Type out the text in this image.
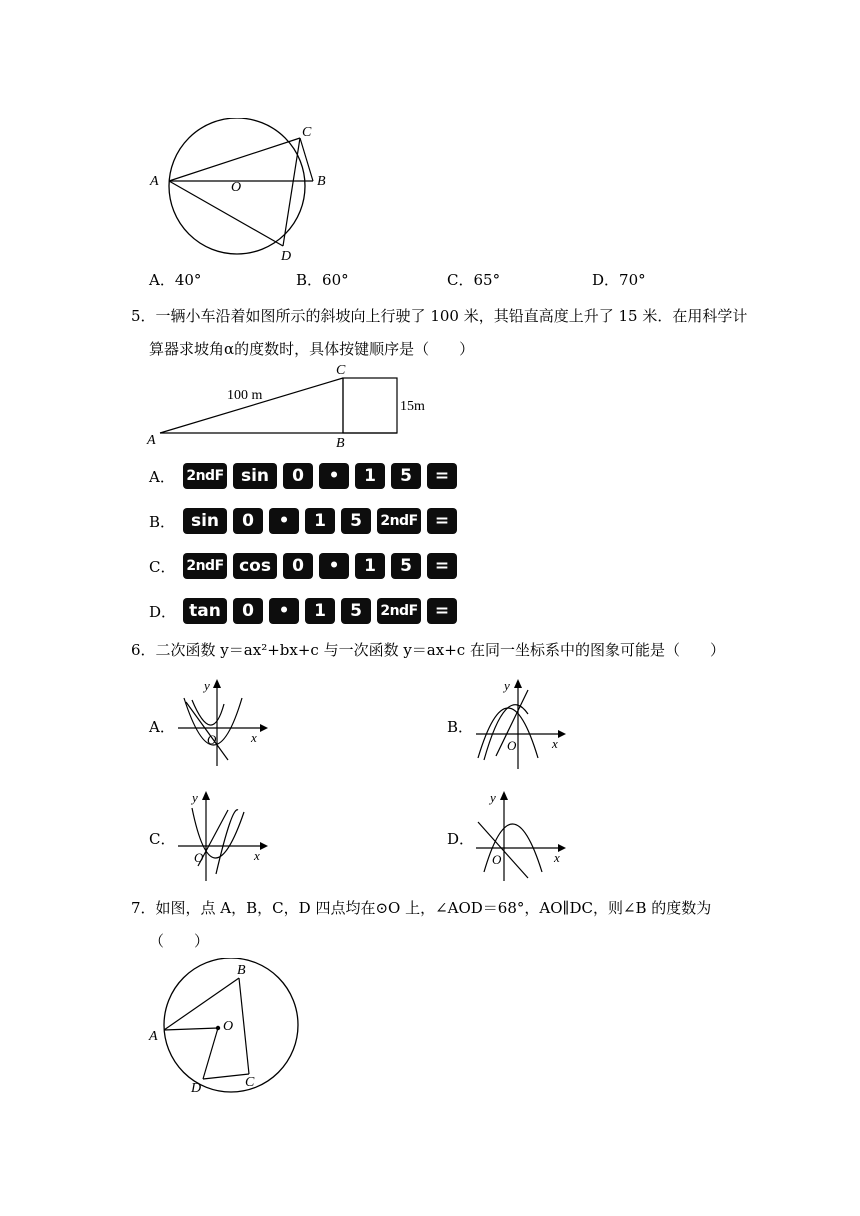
A	O	B
C
D
A．40°	B．60°	C．65°	D．70°
5．一辆小车沿着如图所示的斜坡向上行驶了 100 米，其铅直高度上升了 15 米．在用科学计
算器求坡角α的度数时，具体按键顺序是（　　）
A	B
C
100 m
15m
A． 2ndF	sin	0	•	1	5	=
B． sin	0	•	1	5	2ndF	=
C． 2ndF cos	0	•	1	5	=
D． tan	0	•	1	5	2ndF	=
6．二次函数 y＝ax²+bx+c 与一次函数 y＝ax+c 在同一坐标系中的图象可能是（　　）
A．	B．
C．	D．
y
x
O
y
x
O
y
x
O
y
x
O
7．如图，点 A，B，C，D 四点均在⊙O 上，∠AOD＝68°，AO∥DC，则∠B 的度数为
（　　）
A
B
O
D	C
